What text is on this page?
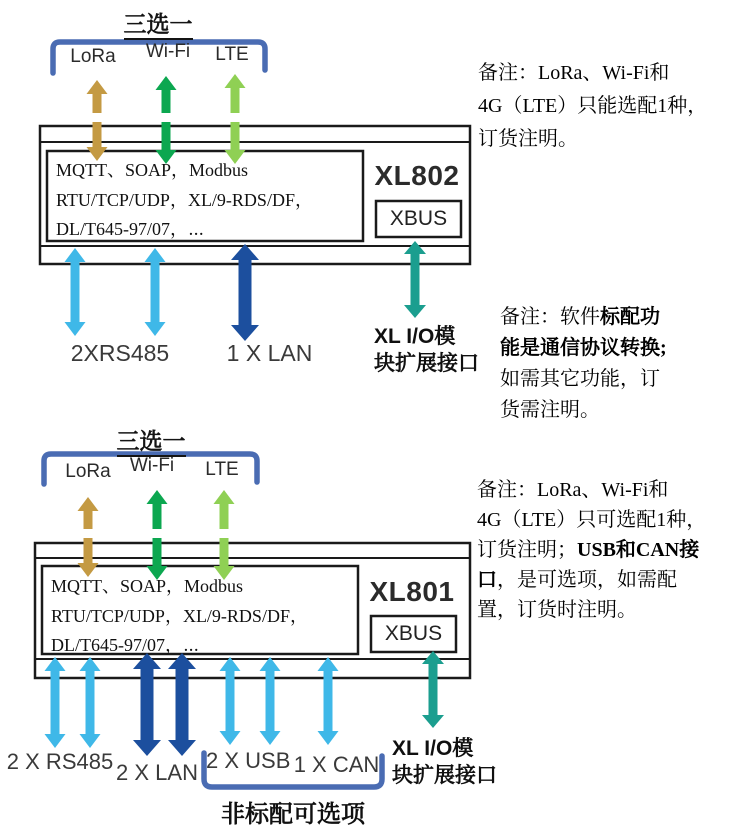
三选一
LoRa	Wi-Fi	LTE
MQTT、SOAP，Modbus
RTU/TCP/UDP，XL/9-RDS/DF，
DL/T645-97/07，⋯
XL802
XBUS
2XRS485	1 X LAN
XL I/O模
块扩展接口
三选一
LoRa	Wi-Fi	LTE
MQTT、SOAP，Modbus
RTU/TCP/UDP，XL/9-RDS/DF，
DL/T645-97/07，⋯
XL801
XBUS
2 X RS485 2 X LAN 2 X USB 1 X CAN
非标配可选项
XL I/O模
块扩展接口
备注：LoRa、Wi-Fi和
4G（LTE）只能选配1种，
订货注明。
备注：软件标配功
能是通信协议转换;
如需其它功能，订
货需注明。
备注：LoRa、Wi-Fi和
4G（LTE）只可选配1种，
订货注明；USB和CAN接
口，是可选项，如需配
置，订货时注明。
